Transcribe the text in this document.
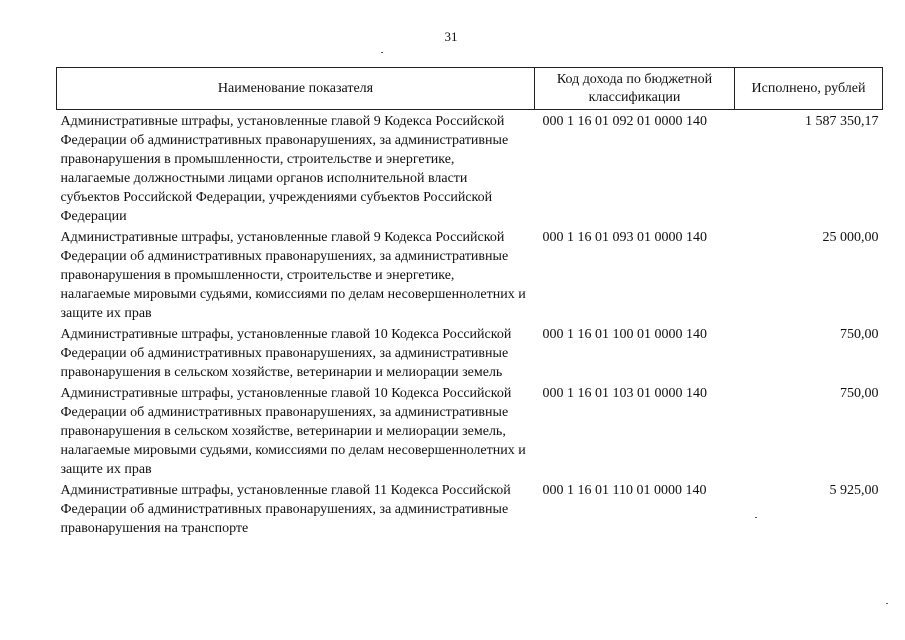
31
Наименование показателя	Код дохода по бюджетной классификации	Исполнено, рублей
Административные штрафы, установленные главой 9 Кодекса Российской Федерации об административных правонарушениях, за административные правонарушения в промышленности, строительстве и энергетике, налагаемые должностными лицами органов исполнительной власти субъектов Российской Федерации, учреждениями субъектов Российской Федерации	000 1 16 01 092 01 0000 140	1 587 350,17
Административные штрафы, установленные главой 9 Кодекса Российской Федерации об административных правонарушениях, за административные правонарушения в промышленности, строительстве и энергетике, налагаемые мировыми судьями, комиссиями по делам несовершеннолетних и защите их прав	000 1 16 01 093 01 0000 140	25 000,00
Административные штрафы, установленные главой 10 Кодекса Российской Федерации об административных правонарушениях, за административные правонарушения в сельском хозяйстве, ветеринарии и мелиорации земель	000 1 16 01 100 01 0000 140	750,00
Административные штрафы, установленные главой 10 Кодекса Российской Федерации об административных правонарушениях, за административные правонарушения в сельском хозяйстве, ветеринарии и мелиорации земель, налагаемые мировыми судьями, комиссиями по делам несовершеннолетних и защите их прав	000 1 16 01 103 01 0000 140	750,00
Административные штрафы, установленные главой 11 Кодекса Российской Федерации об административных правонарушениях, за административные правонарушения на транспорте	000 1 16 01 110 01 0000 140	5 925,00
